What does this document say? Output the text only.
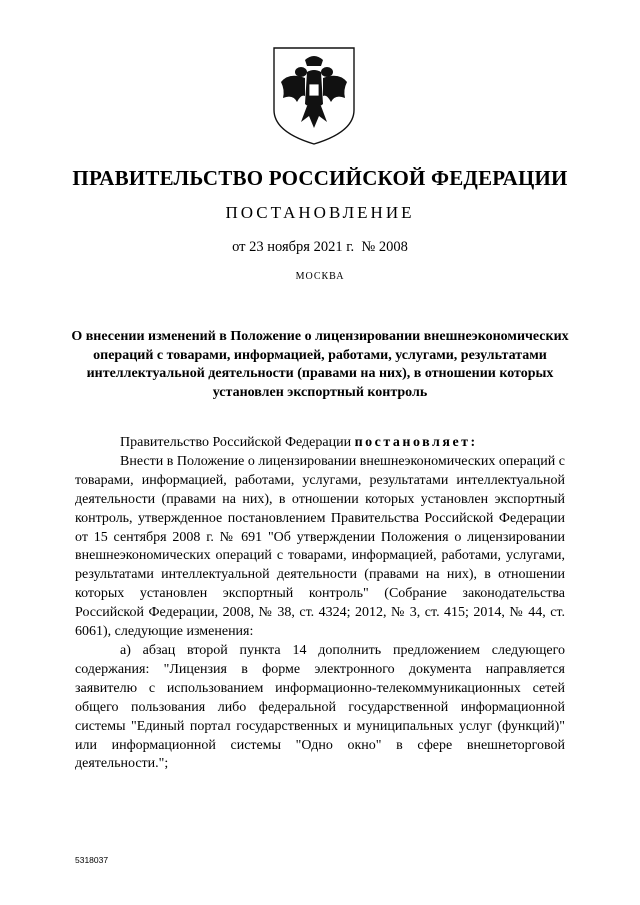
ПРАВИТЕЛЬСТВО РОССИЙСКОЙ ФЕДЕРАЦИИ
ПОСТАНОВЛЕНИЕ
от 23 ноября 2021 г. № 2008
МОСКВА
О внесении изменений в Положение о лицензировании внешнеэкономических операций с товарами, информацией, работами, услугами, результатами интеллектуальной деятельности (правами на них), в отношении которых установлен экспортный контроль

Правительство Российской Федерации постановляет:

Внести в Положение о лицензировании внешнеэкономических операций с товарами, информацией, работами, услугами, результатами интеллектуальной деятельности (правами на них), в отношении которых установлен экспортный контроль, утвержденное постановлением Правительства Российской Федерации от 15 сентября 2008 г. № 691 "Об утверждении Положения о лицензировании внешнеэкономических операций с товарами, информацией, работами, услугами, результатами интеллектуальной деятельности (правами на них), в отношении которых установлен экспортный контроль" (Собрание законодательства Российской Федерации, 2008, № 38, ст. 4324; 2012, № 3, ст. 415; 2014, № 44, ст. 6061), следующие изменения:

а) абзац второй пункта 14 дополнить предложением следующего содержания: "Лицензия в форме электронного документа направляется заявителю с использованием информационно-телекоммуникационных сетей общего пользования либо федеральной государственной информационной системы "Единый портал государственных и муниципальных услуг (функций)" или информационной системы "Одно окно" в сфере внешнеторговой деятельности.";

5318037
